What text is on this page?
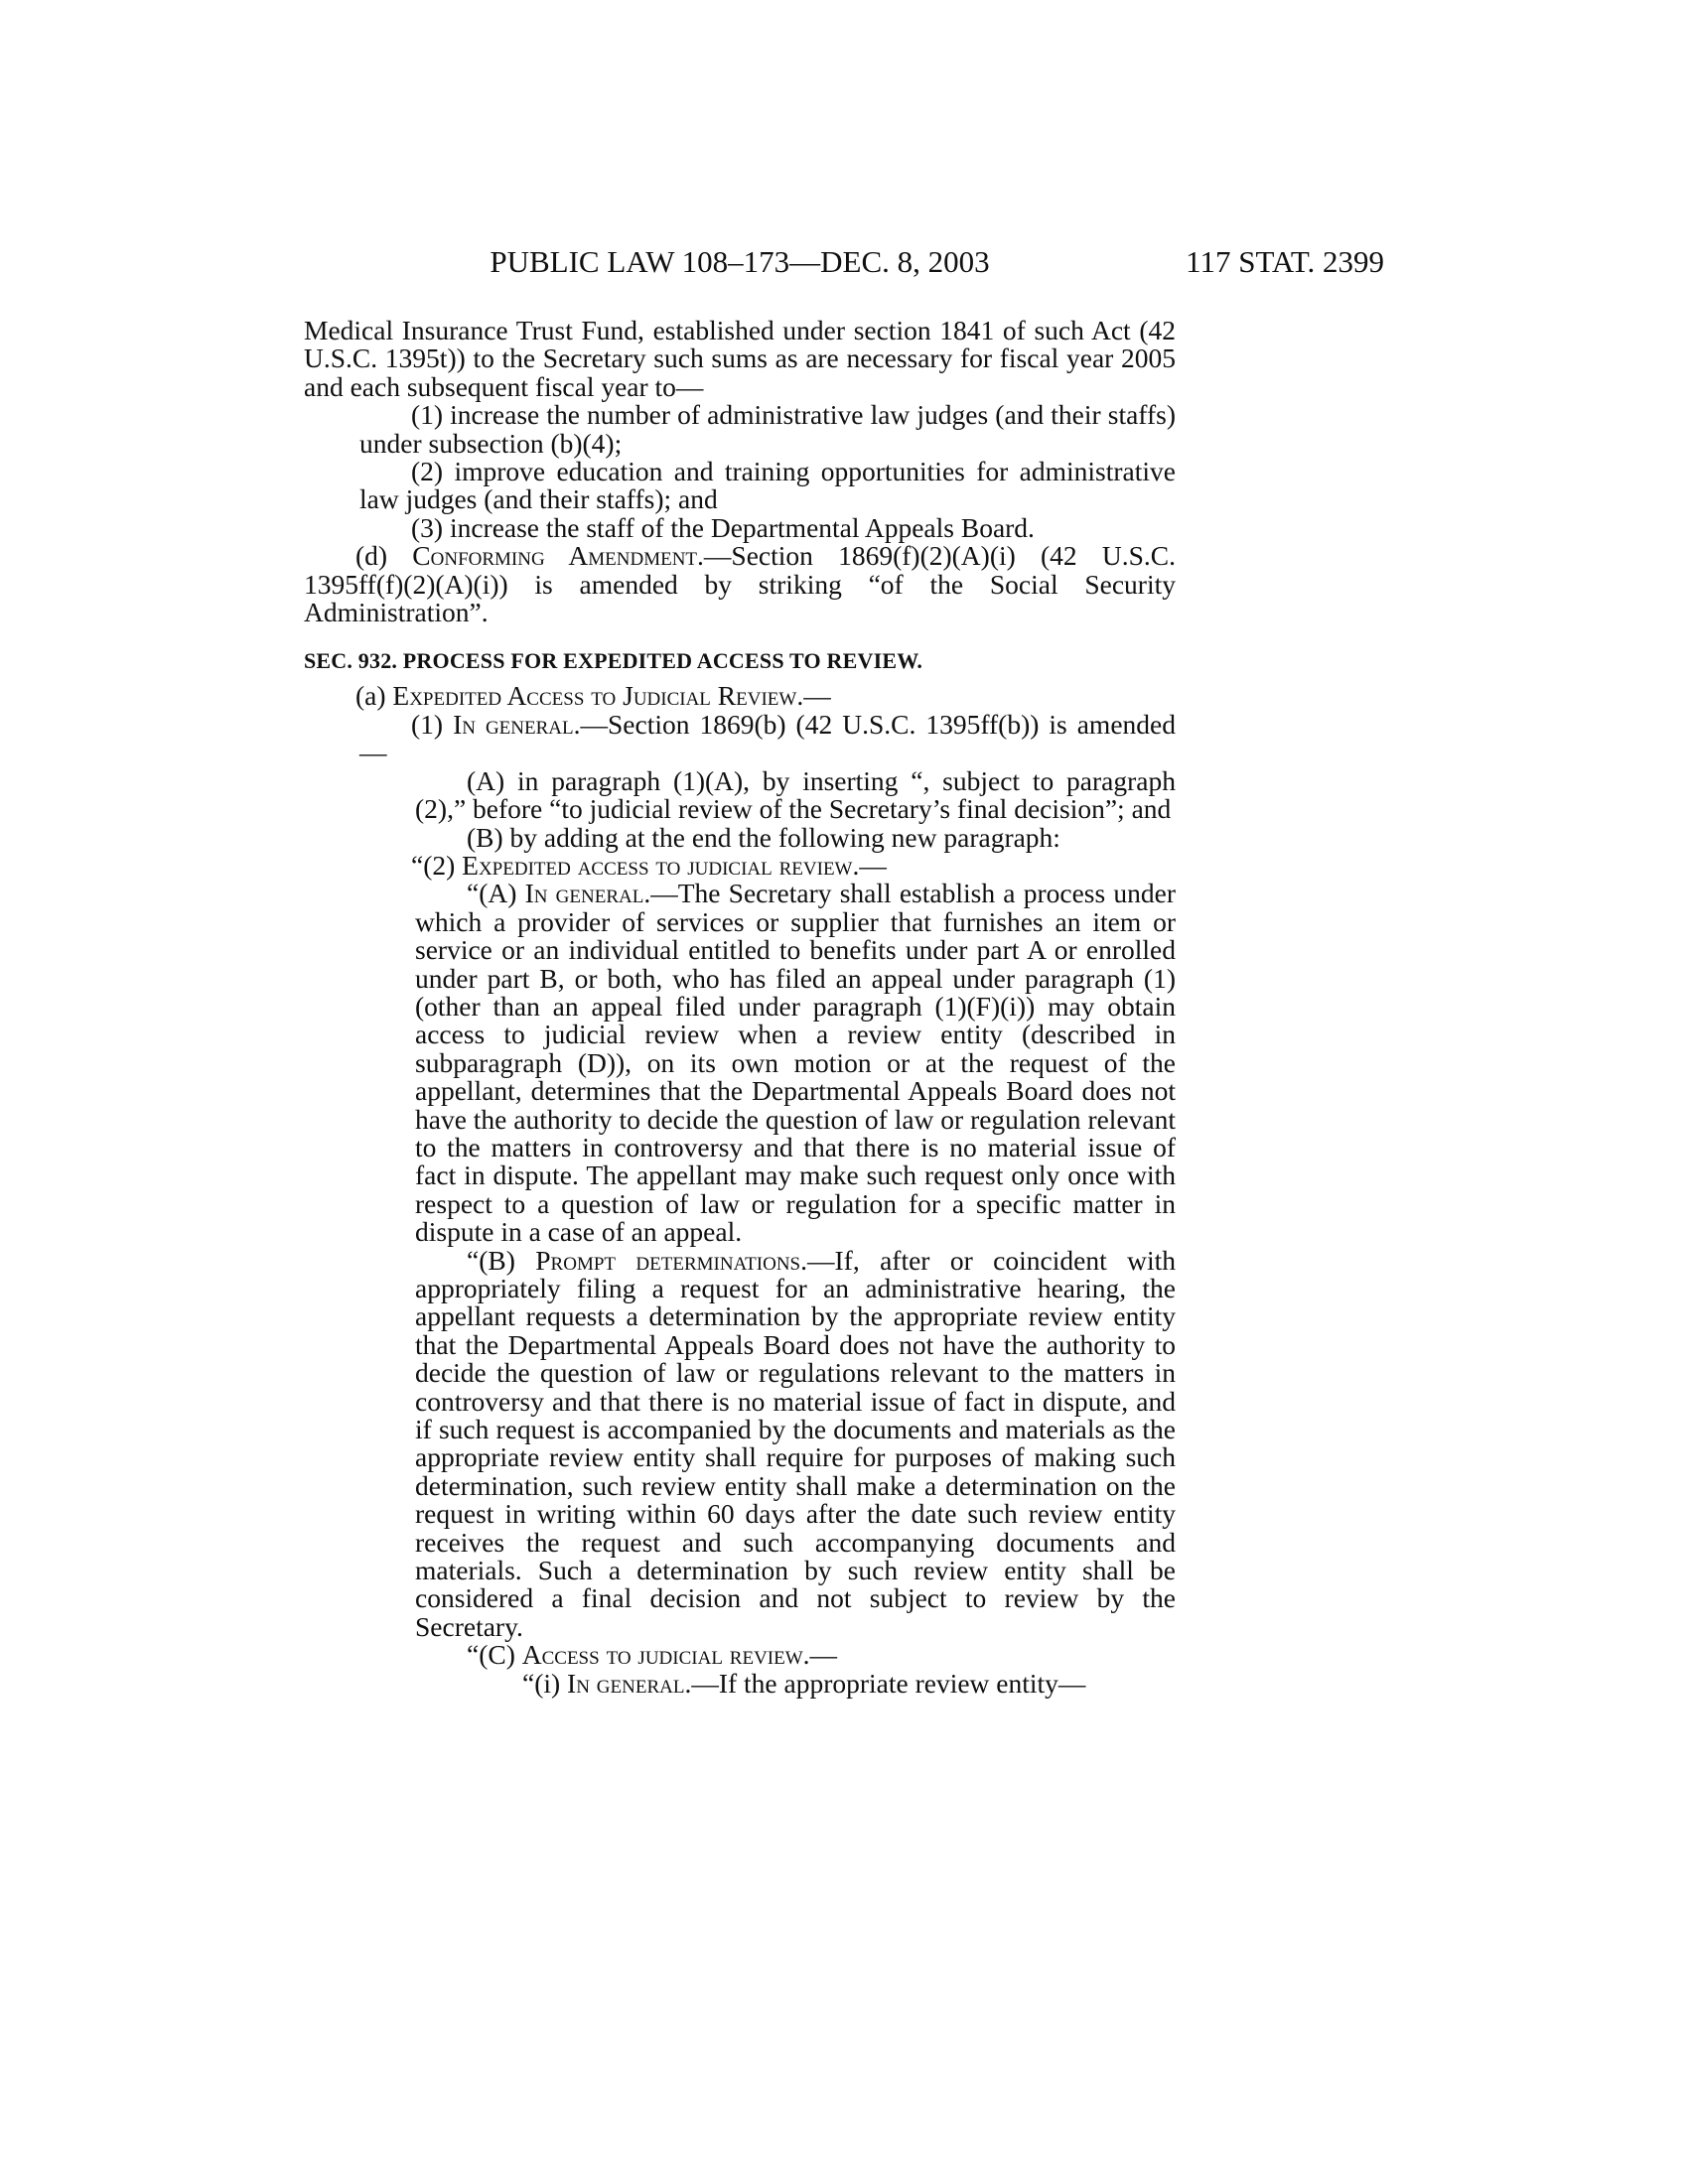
PUBLIC LAW 108–173—DEC. 8, 2003	117 STAT. 2399

Medical Insurance Trust Fund, established under section 1841 of such Act (42 U.S.C. 1395t)) to the Secretary such sums as are necessary for fiscal year 2005 and each subsequent fiscal year to—

(1) increase the number of administrative law judges (and their staffs) under subsection (b)(4);

(2) improve education and training opportunities for administrative law judges (and their staffs); and

(3) increase the staff of the Departmental Appeals Board.

(d) Conforming Amendment.—Section 1869(f)(2)(A)(i) (42 U.S.C. 1395ff(f)(2)(A)(i)) is amended by striking “of the Social Security Administration”.

SEC. 932. PROCESS FOR EXPEDITED ACCESS TO REVIEW.

(a) Expedited Access to Judicial Review.—

(1) In general.—Section 1869(b) (42 U.S.C. 1395ff(b)) is amended—

(A) in paragraph (1)(A), by inserting “, subject to paragraph (2),” before “to judicial review of the Secretary’s final decision”; and

(B) by adding at the end the following new paragraph:

“(2) Expedited access to judicial review.—

“(A) In general.—The Secretary shall establish a process under which a provider of services or supplier that furnishes an item or service or an individual entitled to benefits under part A or enrolled under part B, or both, who has filed an appeal under paragraph (1) (other than an appeal filed under paragraph (1)(F)(i)) may obtain access to judicial review when a review entity (described in subparagraph (D)), on its own motion or at the request of the appellant, determines that the Departmental Appeals Board does not have the authority to decide the question of law or regulation relevant to the matters in controversy and that there is no material issue of fact in dispute. The appellant may make such request only once with respect to a question of law or regulation for a specific matter in dispute in a case of an appeal.

“(B) Prompt determinations.—If, after or coincident with appropriately filing a request for an administrative hearing, the appellant requests a determination by the appropriate review entity that the Departmental Appeals Board does not have the authority to decide the question of law or regulations relevant to the matters in controversy and that there is no material issue of fact in dispute, and if such request is accompanied by the documents and materials as the appropriate review entity shall require for purposes of making such determination, such review entity shall make a determination on the request in writing within 60 days after the date such review entity receives the request and such accompanying documents and materials. Such a determination by such review entity shall be considered a final decision and not subject to review by the Secretary.

“(C) Access to judicial review.—

“(i) In general.—If the appropriate review entity—
